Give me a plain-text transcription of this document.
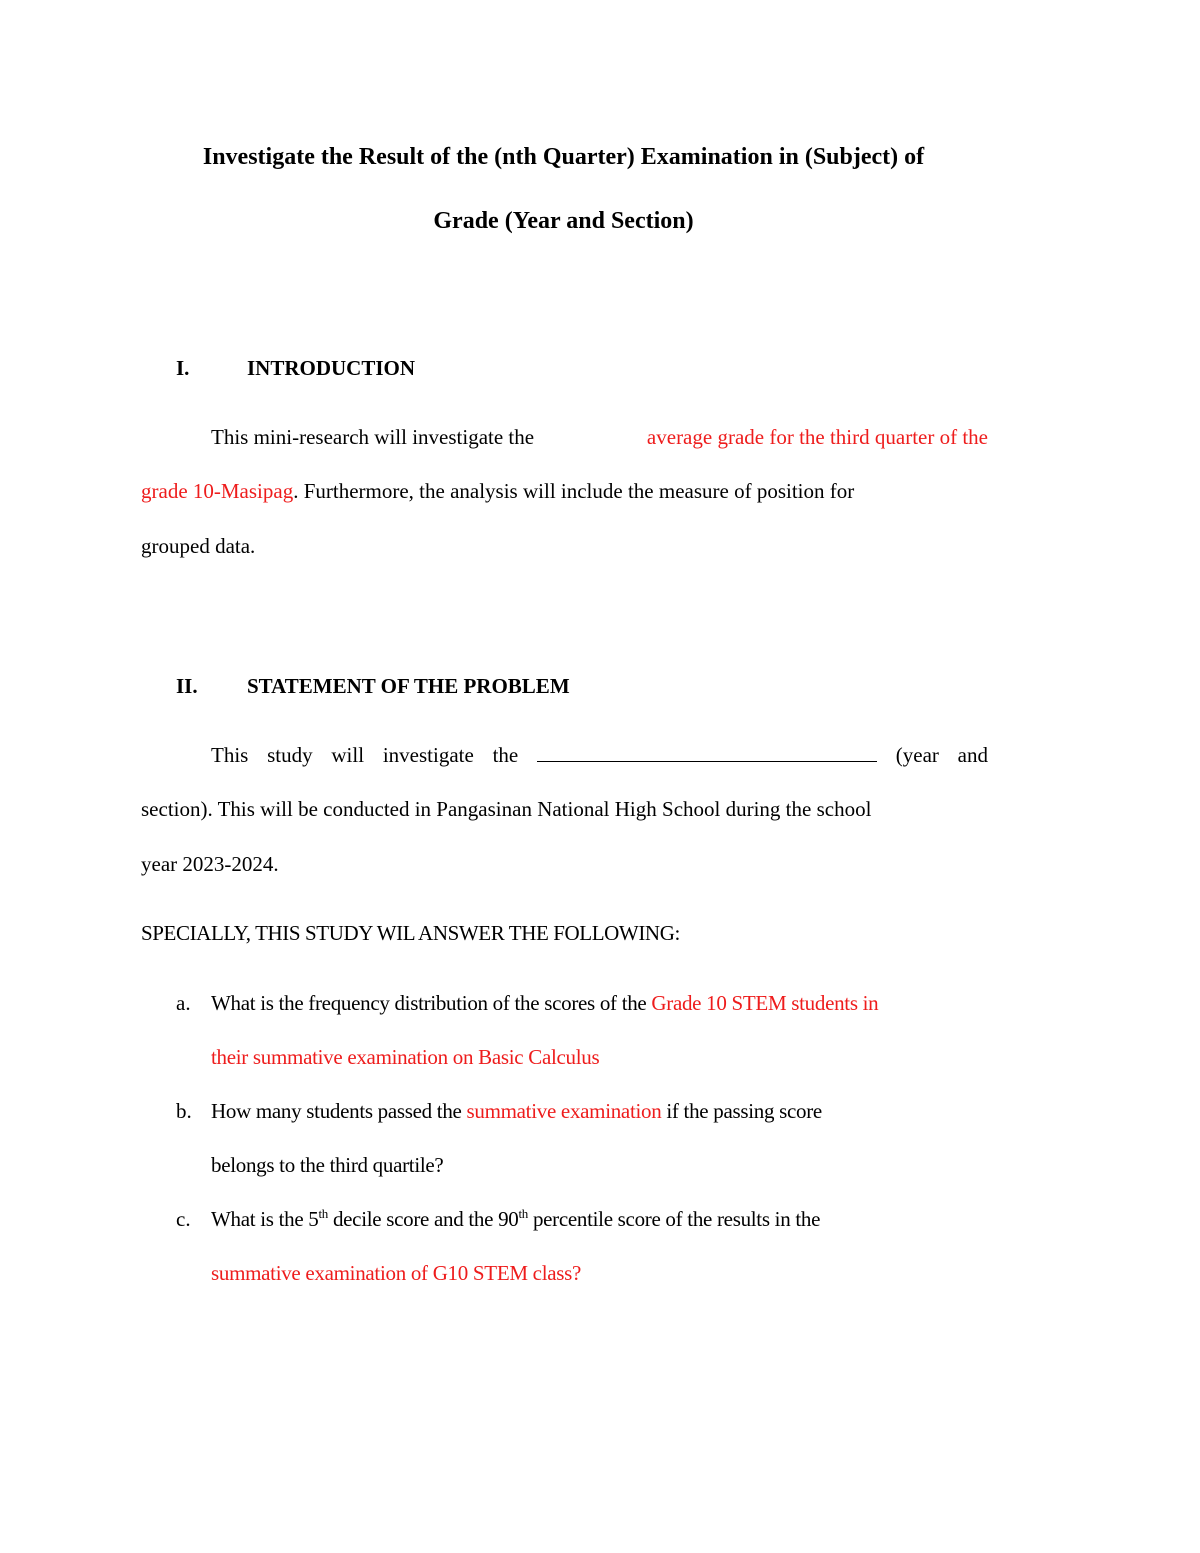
Investigate the Result of the (nth Quarter) Examination in (Subject) of
Grade (Year and Section)
I.	INTRODUCTION
This mini-research will investigate the	average grade for the third quarter of the
grade 10-Masipag. Furthermore, the analysis will include the measure of position for
grouped data.
II. STATEMENT OF THE PROBLEM
This study will investigate the	(year and
section). This will be conducted in Pangasinan National High School during the school
year 2023-2024.
SPECIALLY, THIS STUDY WIL ANSWER THE FOLLOWING:
a. What is the frequency distribution of the scores of the Grade 10 STEM students in
their summative examination on Basic Calculus
b. How many students passed the summative examination if the passing score
belongs to the third quartile?
c. What is the 5th decile score and the 90th percentile score of the results in the
summative examination of G10 STEM class?
